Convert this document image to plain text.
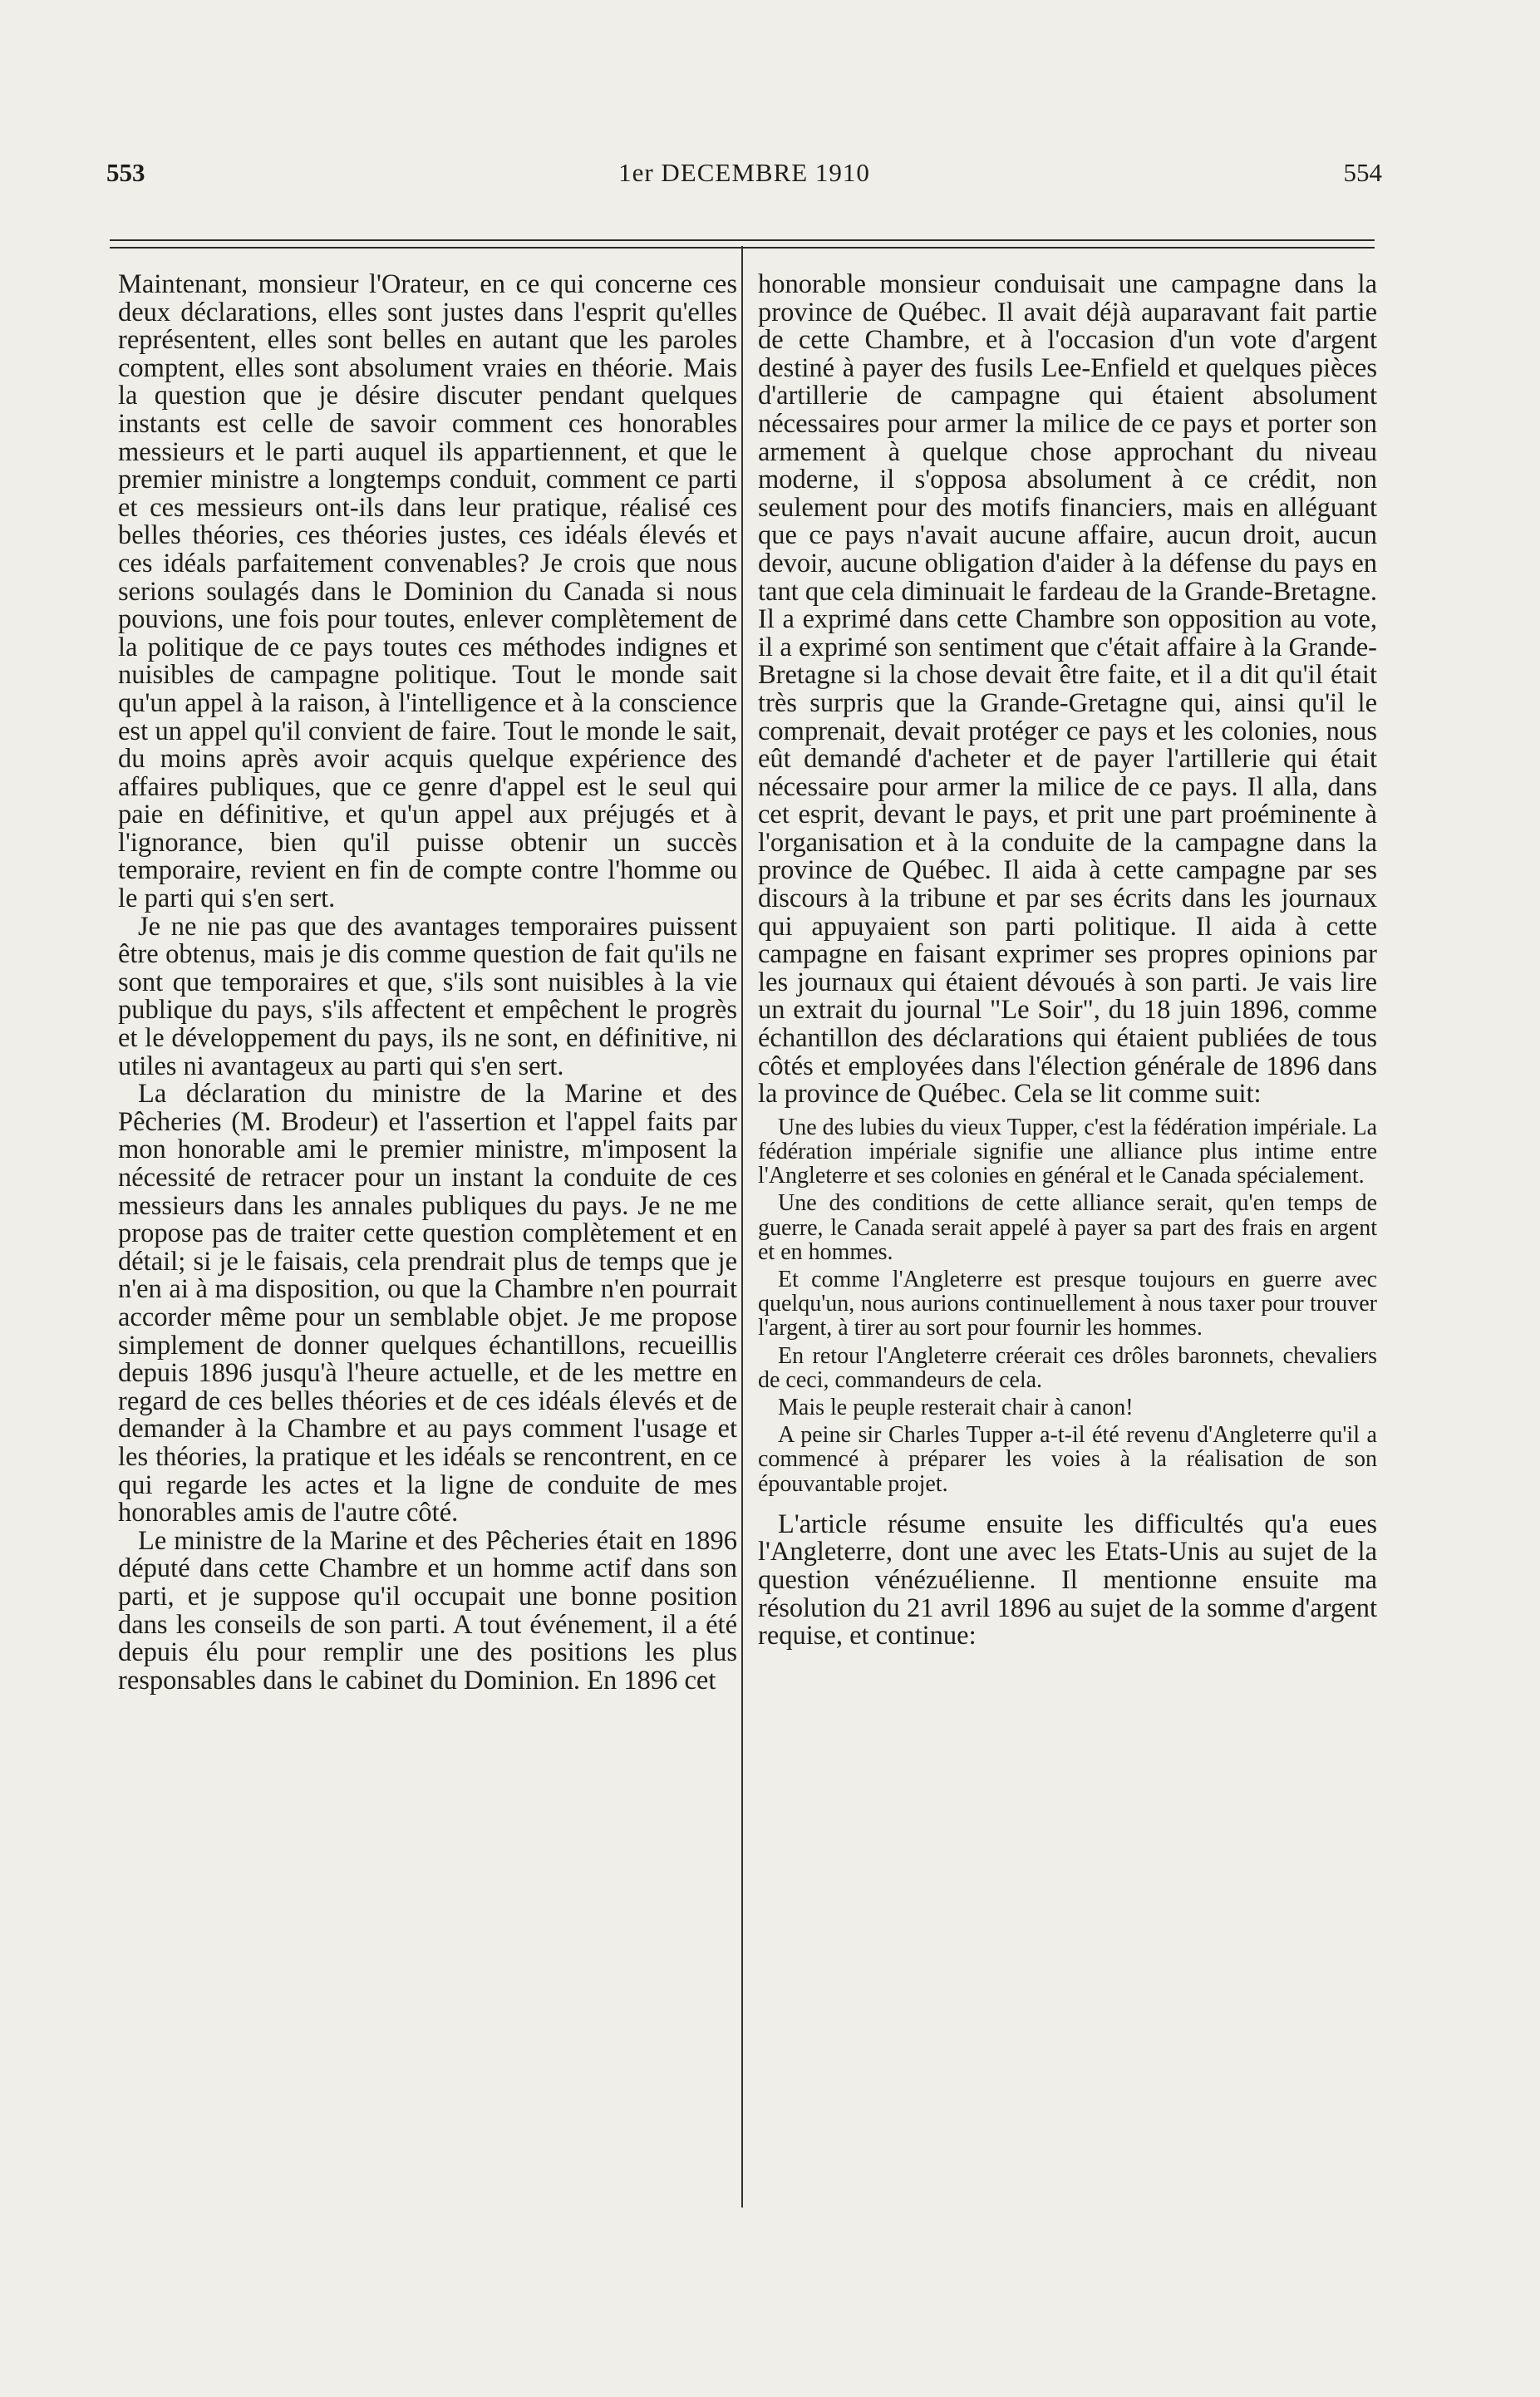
553	1er DECEMBRE 1910	554

Maintenant, monsieur l'Orateur, en ce qui concerne ces deux déclarations, elles sont justes dans l'esprit qu'elles représentent, elles sont belles en autant que les paroles comptent, elles sont absolument vraies en théorie. Mais la question que je désire discuter pendant quelques instants est celle de savoir comment ces honorables messieurs et le parti auquel ils appartiennent, et que le premier ministre a longtemps conduit, comment ce parti et ces messieurs ont-ils dans leur pratique, réalisé ces belles théories, ces théories justes, ces idéals élevés et ces idéals parfaitement convenables? Je crois que nous serions soulagés dans le Dominion du Canada si nous pouvions, une fois pour toutes, enlever complètement de la politique de ce pays toutes ces méthodes indignes et nuisibles de campagne politique. Tout le monde sait qu'un appel à la raison, à l'intelligence et à la conscience est un appel qu'il convient de faire. Tout le monde le sait, du moins après avoir acquis quelque expérience des affaires publiques, que ce genre d'appel est le seul qui paie en définitive, et qu'un appel aux préjugés et à l'ignorance, bien qu'il puisse obtenir un succès temporaire, revient en fin de compte contre l'homme ou le parti qui s'en sert.

Je ne nie pas que des avantages temporaires puissent être obtenus, mais je dis comme question de fait qu'ils ne sont que temporaires et que, s'ils sont nuisibles à la vie publique du pays, s'ils affectent et empêchent le progrès et le développement du pays, ils ne sont, en définitive, ni utiles ni avantageux au parti qui s'en sert.

La déclaration du ministre de la Marine et des Pêcheries (M. Brodeur) et l'assertion et l'appel faits par mon honorable ami le premier ministre, m'imposent la nécessité de retracer pour un instant la conduite de ces messieurs dans les annales publiques du pays. Je ne me propose pas de traiter cette question complètement et en détail; si je le faisais, cela prendrait plus de temps que je n'en ai à ma disposition, ou que la Chambre n'en pourrait accorder même pour un semblable objet. Je me propose simplement de donner quelques échantillons, recueillis depuis 1896 jusqu'à l'heure actuelle, et de les mettre en regard de ces belles théories et de ces idéals élevés et de demander à la Chambre et au pays comment l'usage et les théories, la pratique et les idéals se rencontrent, en ce qui regarde les actes et la ligne de conduite de mes honorables amis de l'autre côté.

Le ministre de la Marine et des Pêcheries était en 1896 député dans cette Chambre et un homme actif dans son parti, et je suppose qu'il occupait une bonne position dans les conseils de son parti. A tout événement, il a été depuis élu pour remplir une des positions les plus responsables dans le cabinet du Dominion. En 1896 cet

honorable monsieur conduisait une campagne dans la province de Québec. Il avait déjà auparavant fait partie de cette Chambre, et à l'occasion d'un vote d'argent destiné à payer des fusils Lee-Enfield et quelques pièces d'artillerie de campagne qui étaient absolument nécessaires pour armer la milice de ce pays et porter son armement à quelque chose approchant du niveau moderne, il s'opposa absolument à ce crédit, non seulement pour des motifs financiers, mais en alléguant que ce pays n'avait aucune affaire, aucun droit, aucun devoir, aucune obligation d'aider à la défense du pays en tant que cela diminuait le fardeau de la Grande-Bretagne. Il a exprimé dans cette Chambre son opposition au vote, il a exprimé son sentiment que c'était affaire à la Grande-Bretagne si la chose devait être faite, et il a dit qu'il était très surpris que la Grande-Gretagne qui, ainsi qu'il le comprenait, devait protéger ce pays et les colonies, nous eût demandé d'acheter et de payer l'artillerie qui était nécessaire pour armer la milice de ce pays. Il alla, dans cet esprit, devant le pays, et prit une part proéminente à l'organisation et à la conduite de la campagne dans la province de Québec. Il aida à cette campagne par ses discours à la tribune et par ses écrits dans les journaux qui appuyaient son parti politique. Il aida à cette campagne en faisant exprimer ses propres opinions par les journaux qui étaient dévoués à son parti. Je vais lire un extrait du journal "Le Soir", du 18 juin 1896, comme échantillon des déclarations qui étaient publiées de tous côtés et employées dans l'élection générale de 1896 dans la province de Québec. Cela se lit comme suit:

Une des lubies du vieux Tupper, c'est la fédération impériale. La fédération impériale signifie une alliance plus intime entre l'Angleterre et ses colonies en général et le Canada spécialement.

Une des conditions de cette alliance serait, qu'en temps de guerre, le Canada serait appelé à payer sa part des frais en argent et en hommes.

Et comme l'Angleterre est presque toujours en guerre avec quelqu'un, nous aurions continuellement à nous taxer pour trouver l'argent, à tirer au sort pour fournir les hommes.

En retour l'Angleterre créerait ces drôles baronnets, chevaliers de ceci, commandeurs de cela.

Mais le peuple resterait chair à canon!

A peine sir Charles Tupper a-t-il été revenu d'Angleterre qu'il a commencé à préparer les voies à la réalisation de son épouvantable projet.

L'article résume ensuite les difficultés qu'a eues l'Angleterre, dont une avec les Etats-Unis au sujet de la question vénézuélienne. Il mentionne ensuite ma résolution du 21 avril 1896 au sujet de la somme d'argent requise, et continue:
